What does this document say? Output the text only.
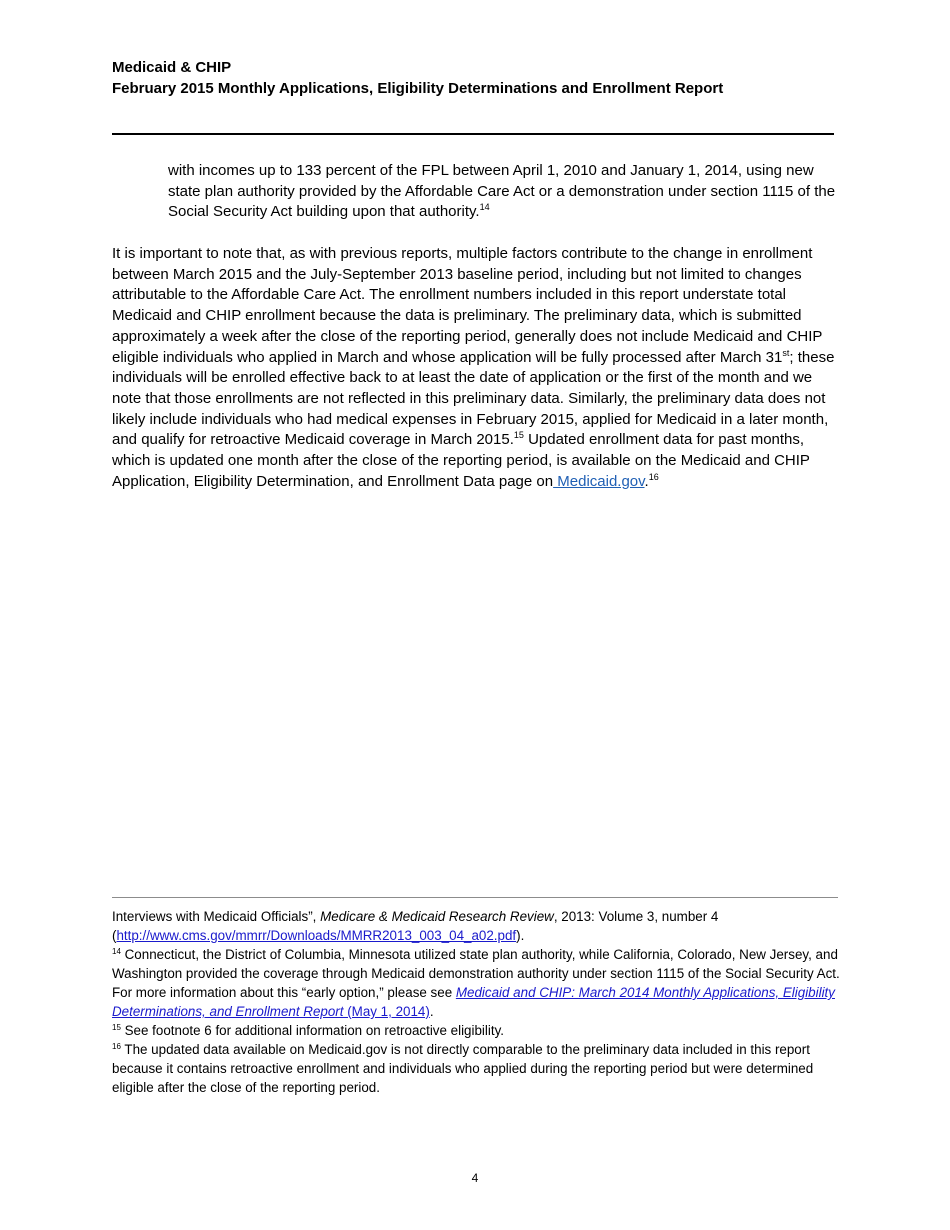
Medicaid & CHIP
February 2015 Monthly Applications, Eligibility Determinations and Enrollment Report
with incomes up to 133 percent of the FPL between April 1, 2010 and January 1, 2014, using new state plan authority provided by the Affordable Care Act or a demonstration under section 1115 of the Social Security Act building upon that authority.$^{14}$
It is important to note that, as with previous reports, multiple factors contribute to the change in enrollment between March 2015 and the July-September 2013 baseline period, including but not limited to changes attributable to the Affordable Care Act. The enrollment numbers included in this report understate total Medicaid and CHIP enrollment because the data is preliminary. The preliminary data, which is submitted approximately a week after the close of the reporting period, generally does not include Medicaid and CHIP eligible individuals who applied in March and whose application will be fully processed after March 31st; these individuals will be enrolled effective back to at least the date of application or the first of the month and we note that those enrollments are not reflected in this preliminary data. Similarly, the preliminary data does not likely include individuals who had medical expenses in February 2015, applied for Medicaid in a later month, and qualify for retroactive Medicaid coverage in March 2015.15 Updated enrollment data for past months, which is updated one month after the close of the reporting period, is available on the Medicaid and CHIP Application, Eligibility Determination, and Enrollment Data page on Medicaid.gov.$^{16}$

Interviews with Medicaid Officials”, Medicare & Medicaid Research Review, 2013: Volume 3, number 4
(http://www.cms.gov/mmrr/Downloads/MMRR2013_003_04_a02.pdf).

$^{14}$ Connecticut, the District of Columbia, Minnesota utilized state plan authority, while California, Colorado, New Jersey, and Washington provided the coverage through Medicaid demonstration authority under section 1115 of the Social Security Act. For more information about this “early option,” please see Medicaid and CHIP: March 2014 Monthly Applications, Eligibility Determinations, and Enrollment Report (May 1, 2014).

$^{15}$ See footnote 6 for additional information on retroactive eligibility.

$^{16}$ The updated data available on Medicaid.gov is not directly comparable to the preliminary data included in this report because it contains retroactive enrollment and individuals who applied during the reporting period but were determined eligible after the close of the reporting period.

4
